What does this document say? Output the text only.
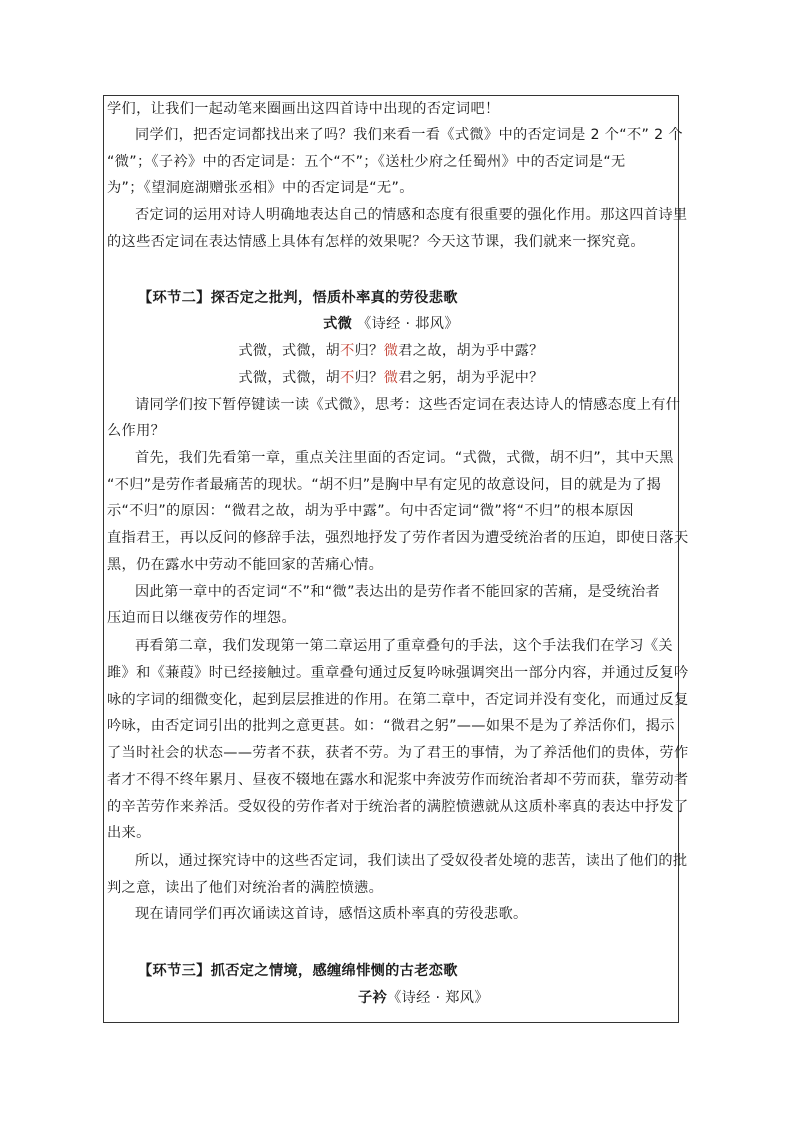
学们，让我们一起动笔来圈画出这四首诗中出现的否定词吧！
同学们，把否定词都找出来了吗？我们来看一看《式微》中的否定词是 2 个“不” 2 个
“微”；《子衿》中的否定词是：五个“不”；《送杜少府之任蜀州》中的否定词是“无
为”；《望洞庭湖赠张丞相》中的否定词是“无”。
否定词的运用对诗人明确地表达自己的情感和态度有很重要的强化作用。那这四首诗里
的这些否定词在表达情感上具体有怎样的效果呢？今天这节课，我们就来一探究竟。
【环节二】探否定之批判，悟质朴率真的劳役悲歌
式微 《诗经 · 邶风》
式微，式微，胡不归？微君之故，胡为乎中露？
式微，式微，胡不归？微君之躬，胡为乎泥中？
请同学们按下暂停键读一读《式微》，思考：这些否定词在表达诗人的情感态度上有什
么作用？
首先，我们先看第一章，重点关注里面的否定词。“式微，式微，胡不归”，其中天黑
“不归”是劳作者最痛苦的现状。“胡不归”是胸中早有定见的故意设问，目的就是为了揭
示“不归”的原因：“微君之故，胡为乎中露”。句中否定词“微”将“不归”的根本原因
直指君王，再以反问的修辞手法，强烈地抒发了劳作者因为遭受统治者的压迫，即使日落天
黑，仍在露水中劳动不能回家的苦痛心情。
因此第一章中的否定词“不”和“微”表达出的是劳作者不能回家的苦痛，是受统治者
压迫而日以继夜劳作的埋怨。
再看第二章，我们发现第一第二章运用了重章叠句的手法，这个手法我们在学习《关
雎》和《蒹葭》时已经接触过。重章叠句通过反复吟咏强调突出一部分内容，并通过反复吟
咏的字词的细微变化，起到层层推进的作用。在第二章中，否定词并没有变化，而通过反复
吟咏，由否定词引出的批判之意更甚。如：“微君之躬”——如果不是为了养活你们，揭示
了当时社会的状态——劳者不获，获者不劳。为了君王的事情，为了养活他们的贵体，劳作
者才不得不终年累月、昼夜不辍地在露水和泥浆中奔波劳作而统治者却不劳而获，靠劳动者
的辛苦劳作来养活。受奴役的劳作者对于统治者的满腔愤懑就从这质朴率真的表达中抒发了
出来。
所以，通过探究诗中的这些否定词，我们读出了受奴役者处境的悲苦，读出了他们的批
判之意，读出了他们对统治者的满腔愤懑。
现在请同学们再次诵读这首诗，感悟这质朴率真的劳役悲歌。
【环节三】抓否定之情境，感缠绵悱恻的古老恋歌
子衿《诗经 · 郑风》
